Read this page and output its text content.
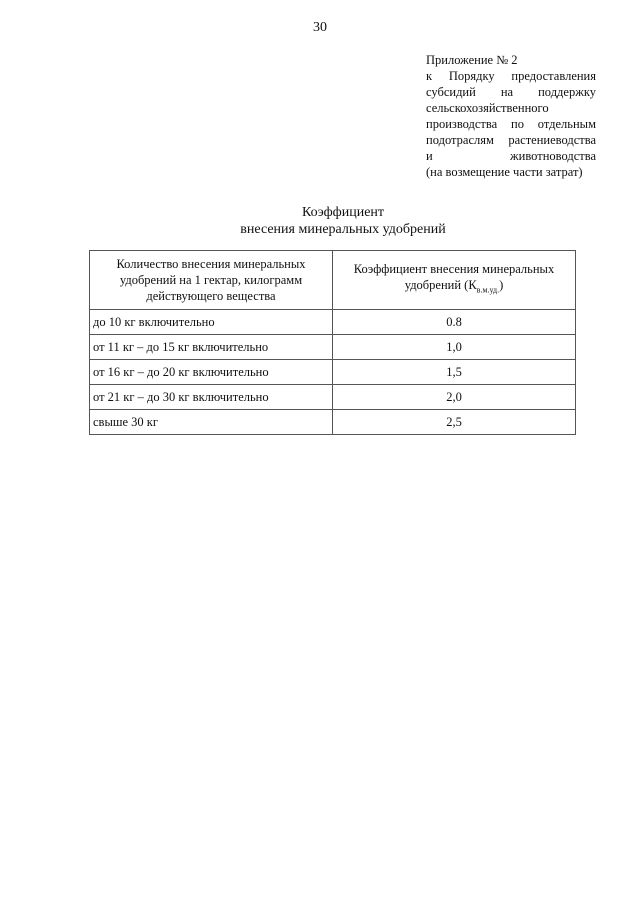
30
Приложение № 2
к Порядку предоставления
субсидий на поддержку
сельскохозяйственного
производства по отдельным
подотраслям растениеводства
и животноводства
(на возмещение части затрат)
Коэффициент
внесения минеральных удобрений
Количество внесения минеральных удобрений на 1 гектар, килограмм действующего вещества	Коэффициент внесения минеральных удобрений $(К_{в.м.уд.})$
до 10 кг включительно	0.8
от 11 кг – до 15 кг включительно	1,0
от 16 кг – до 20 кг включительно	1,5
от 21 кг – до 30 кг включительно	2,0
свыше 30 кг	2,5
